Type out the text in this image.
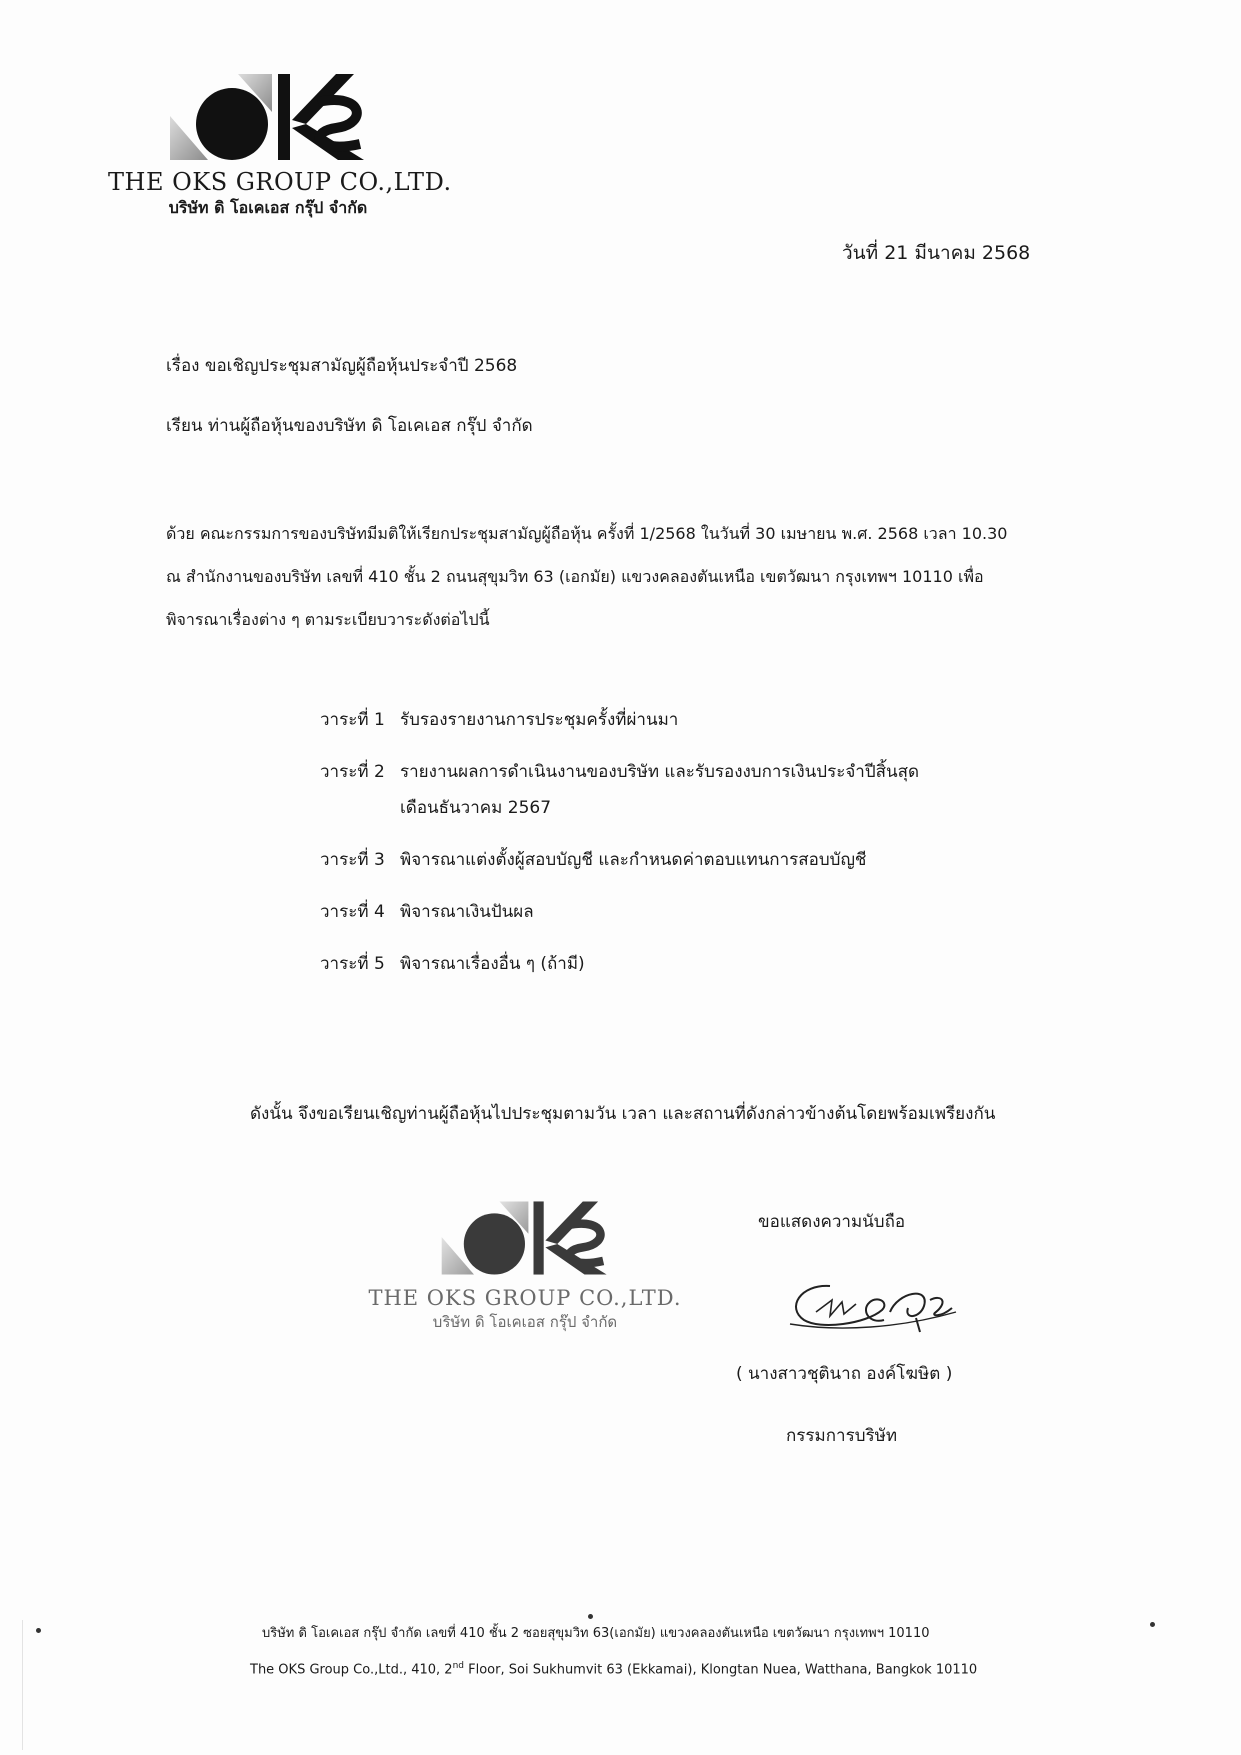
THE OKS GROUP CO.,LTD.
บริษัท ดิ โอเคเอส กรุ๊ป จำกัด
วันที่ 21 มีนาคม 2568
เรื่อง ขอเชิญประชุมสามัญผู้ถือหุ้นประจำปี 2568
เรียน ท่านผู้ถือหุ้นของบริษัท ดิ โอเคเอส กรุ๊ป จำกัด
ด้วย คณะกรรมการของบริษัทมีมติให้เรียกประชุมสามัญผู้ถือหุ้น ครั้งที่ 1/2568 ในวันที่ 30 เมษายน พ.ศ. 2568 เวลา 10.30
ณ สำนักงานของบริษัท เลขที่ 410 ชั้น 2 ถนนสุขุมวิท 63 (เอกมัย) แขวงคลองตันเหนือ เขตวัฒนา กรุงเทพฯ 10110 เพื่อ
พิจารณาเรื่องต่าง ๆ ตามระเบียบวาระดังต่อไปนี้
วาระที่ 1 รับรองรายงานการประชุมครั้งที่ผ่านมา
วาระที่ 2 รายงานผลการดำเนินงานของบริษัท และรับรองงบการเงินประจำปีสิ้นสุด
เดือนธันวาคม 2567
วาระที่ 3 พิจารณาแต่งตั้งผู้สอบบัญชี และกำหนดค่าตอบแทนการสอบบัญชี
วาระที่ 4 พิจารณาเงินปันผล
วาระที่ 5 พิจารณาเรื่องอื่น ๆ (ถ้ามี)
ดังนั้น จึงขอเรียนเชิญท่านผู้ถือหุ้นไปประชุมตามวัน เวลา และสถานที่ดังกล่าวข้างต้นโดยพร้อมเพรียงกัน
THE OKS GROUP CO.,LTD.
บริษัท ดิ โอเคเอส กรุ๊ป จำกัด
ขอแสดงความนับถือ
( นางสาวชุตินาถ องค์โฆษิต )
กรรมการบริษัท
บริษัท ดิ โอเคเอส กรุ๊ป จำกัด เลขที่ 410 ชั้น 2 ซอยสุขุมวิท 63(เอกมัย) แขวงคลองตันเหนือ เขตวัฒนา กรุงเทพฯ 10110
The OKS Group Co.,Ltd., 410, 2nd Floor, Soi Sukhumvit 63 (Ekkamai), Klongtan Nuea, Watthana, Bangkok 10110
